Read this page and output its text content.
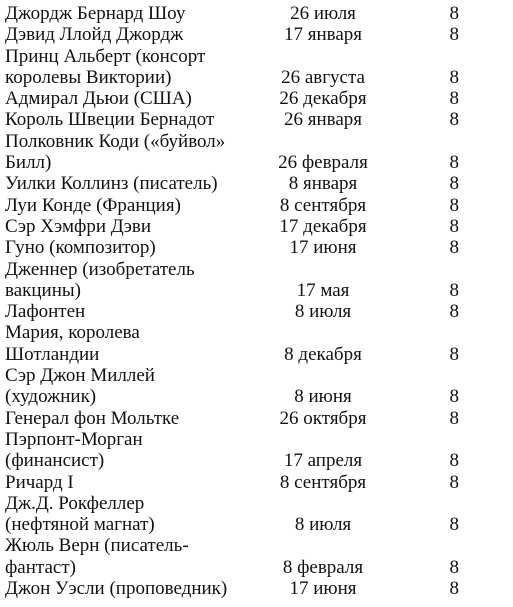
Джордж Бернард Шоу	26 июля	8
Дэвид Ллойд Джордж	17 января	8
Принц Альберт (консорт
королевы Виктории)	26 августа	8
Адмирал Дьюи (США)	26 декабря	8
Король Швеции Бернадот	26 января	8
Полковник Коди («буйвол»
Билл)	26 февраля	8
Уилки Коллинз (писатель)	8 января	8
Луи Конде (Франция)	8 сентября	8
Сэр Хэмфри Дэви	17 декабря	8
Гуно (композитор)	17 июня	8
Дженнер (изобретатель
вакцины)	17 мая	8
Лафонтен	8 июля	8
Мария, королева
Шотландии	8 декабря	8
Сэр Джон Миллей
(художник)	8 июня	8
Генерал фон Мольтке	26 октября	8
Пэрпонт-Морган
(финансист)	17 апреля	8
Ричард I	8 сентября	8
Дж.Д. Рокфеллер
(нефтяной магнат)	8 июля	8
Жюль Верн (писатель-
фантаст)	8 февраля	8
Джон Уэсли (проповедник)	17 июня	8
